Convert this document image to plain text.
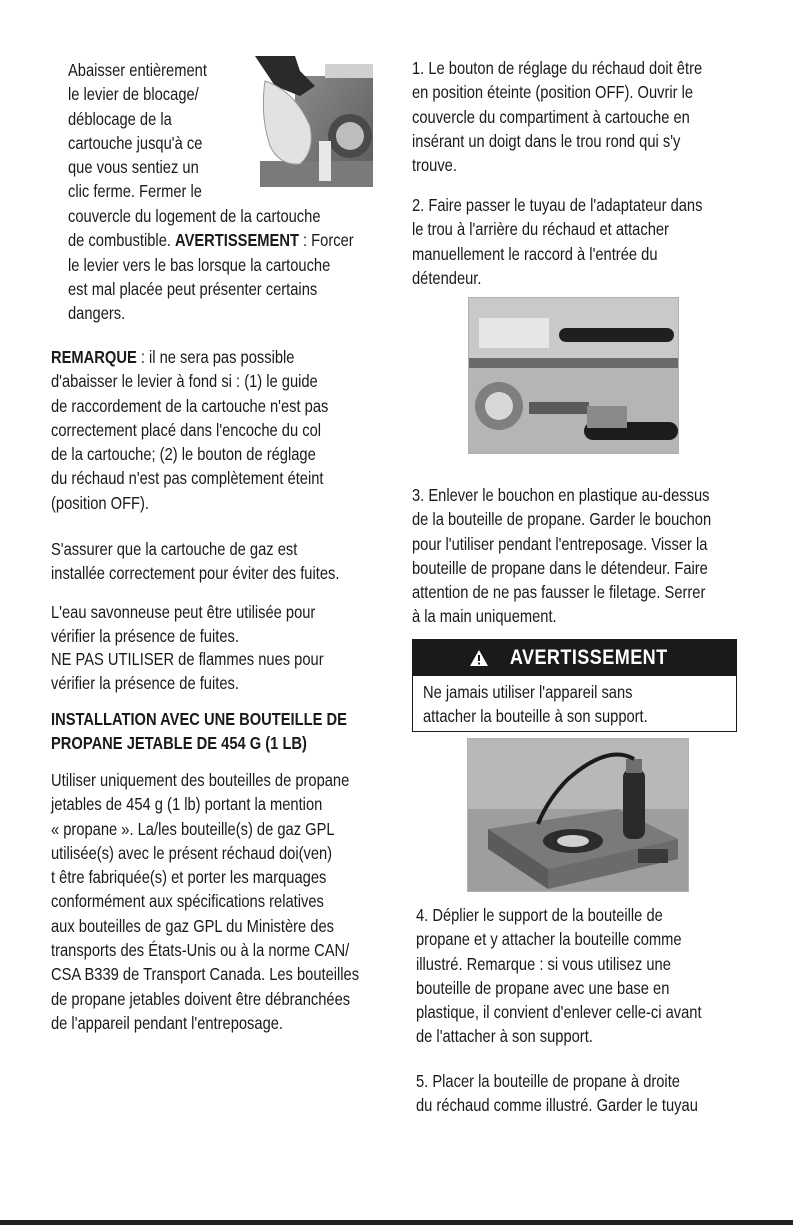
Abaisser entièrement
le levier de blocage/
déblocage de la
cartouche jusqu'à ce
que vous sentiez un
clic ferme. Fermer le

couvercle du logement de la cartouche
de combustible. AVERTISSEMENT : Forcer
le levier vers le bas lorsque la cartouche
est mal placée peut présenter certains
dangers.

REMARQUE : il ne sera pas possible
d'abaisser le levier à fond si : (1) le guide
de raccordement de la cartouche n'est pas
correctement placé dans l'encoche du col
de la cartouche; (2) le bouton de réglage
du réchaud n'est pas complètement éteint
(position OFF).

S'assurer que la cartouche de gaz est
installée correctement pour éviter des fuites.

L'eau savonneuse peut être utilisée pour
vérifier la présence de fuites.

NE PAS UTILISER de flammes nues pour
vérifier la présence de fuites.

INSTALLATION AVEC UNE BOUTEILLE DE
PROPANE JETABLE DE 454 G (1 LB)

Utiliser uniquement des bouteilles de propane
jetables de 454 g (1 lb) portant la mention
« propane ». La/les bouteille(s) de gaz GPL
utilisée(s) avec le présent réchaud doi(ven)
t être fabriquée(s) et porter les marquages
conformément aux spécifications relatives
aux bouteilles de gaz GPL du Ministère des
transports des États-Unis ou à la norme CAN/
CSA B339 de Transport Canada. Les bouteilles
de propane jetables doivent être débranchées
de l'appareil pendant l'entreposage.

1. Le bouton de réglage du réchaud doit être
en position éteinte (position OFF). Ouvrir le
couvercle du compartiment à cartouche en
insérant un doigt dans le trou rond qui s'y
trouve.

2. Faire passer le tuyau de l'adaptateur dans
le trou à l'arrière du réchaud et attacher
manuellement le raccord à l'entrée du
détendeur.

3. Enlever le bouchon en plastique au-dessus
de la bouteille de propane. Garder le bouchon
pour l'utiliser pendant l'entreposage. Visser la
bouteille de propane dans le détendeur. Faire
attention de ne pas fausser le filetage. Serrer
à la main uniquement.

AVERTISSEMENT

Ne jamais utiliser l'appareil sans
attacher la bouteille à son support.

4. Déplier le support de la bouteille de
propane et y attacher la bouteille comme
illustré. Remarque : si vous utilisez une
bouteille de propane avec une base en
plastique, il convient d'enlever celle-ci avant
de l'attacher à son support.

5. Placer la bouteille de propane à droite
du réchaud comme illustré. Garder le tuyau
